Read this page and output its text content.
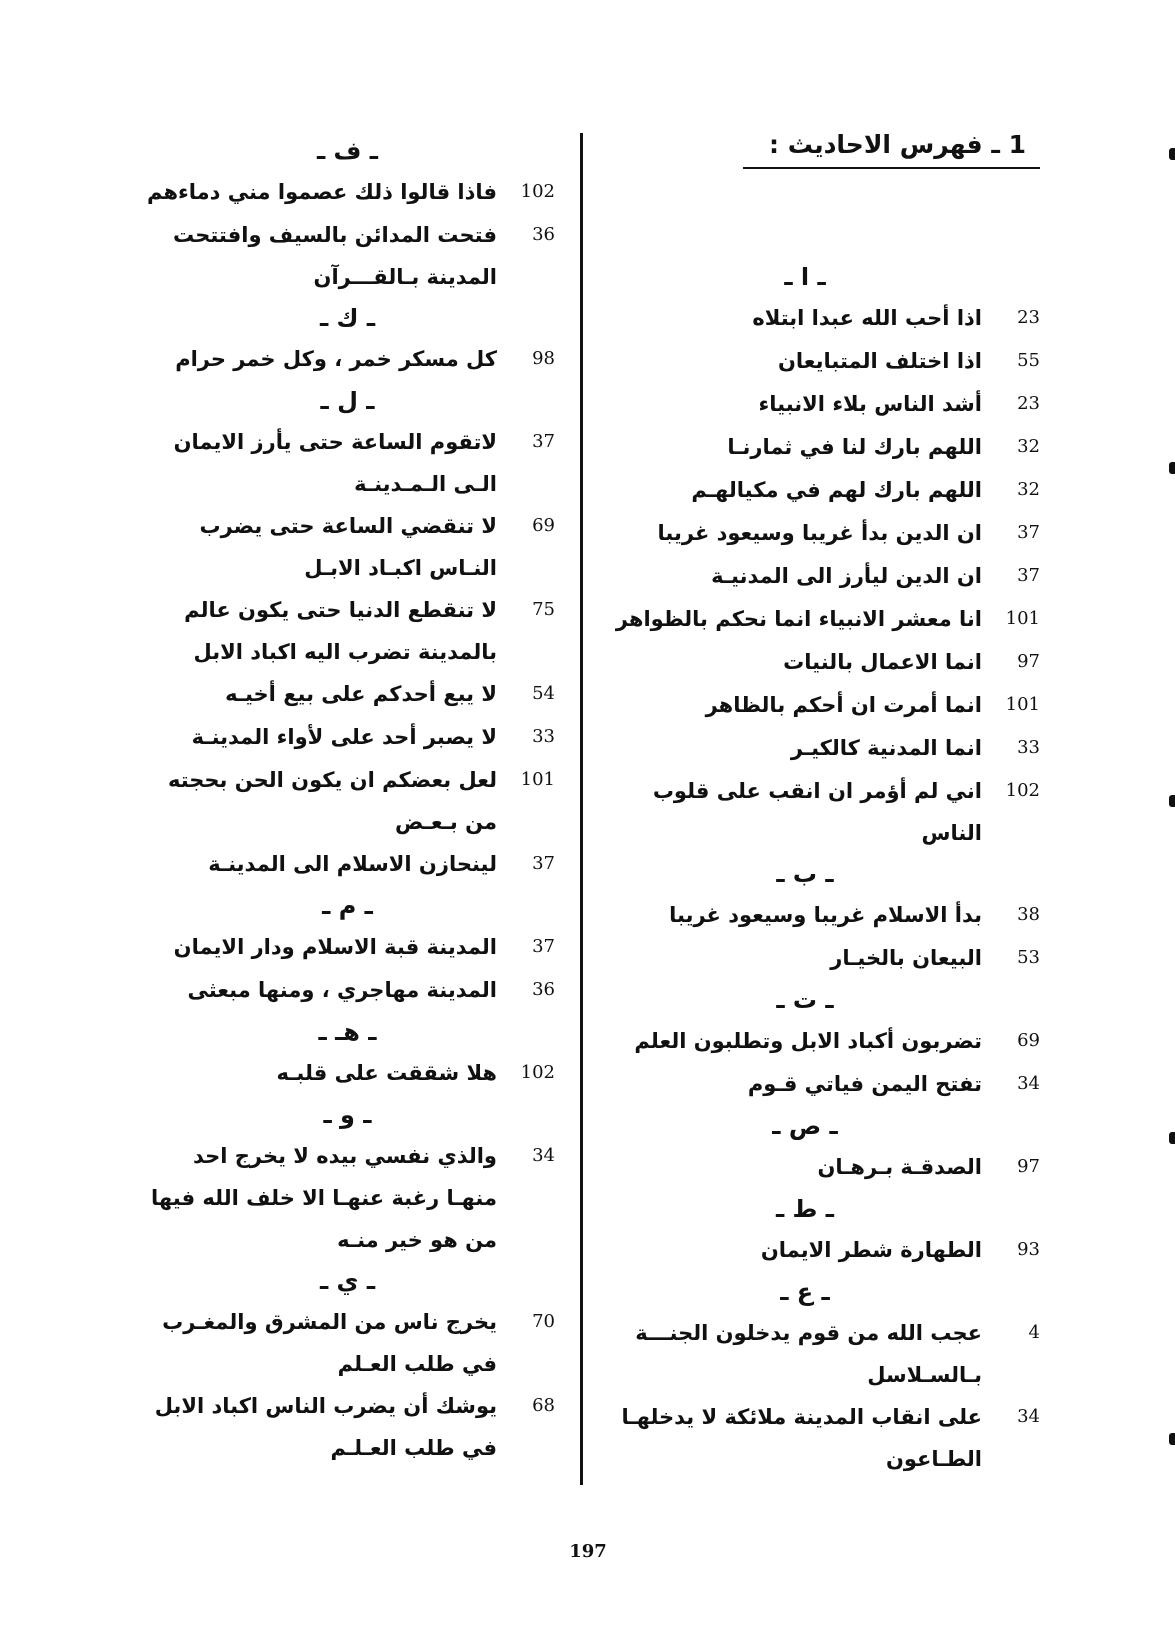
1 ـ فهرس الاحاديث :
ـ ا ـ
23
اذا أحب الله عبدا ابتلاه
55
اذا اختلف المتبايعان
23
أشد الناس بلاء الانبياء
32
اللهم بارك لنا في ثمارنـا
32
اللهم بارك لهم في مكيالهـم
37
ان الدين بدأ غريبا وسيعود غريبا
37
ان الدين ليأرز الى المدنيـة
101
انا معشر الانبياء انما نحكم بالظواهر
97
انما الاعمال بالنيات
101
انما أمرت ان أحكم بالظاهر
33
انما المدنية كالكيـر
102
اني لم أؤمر ان انقب على قلوب الناس
ـ ب ـ
38
بدأ الاسلام غريبا وسيعود غريبا
53
البيعان بالخيـار
ـ ت ـ
69
تضربون أكباد الابل وتطلبون العلم
34
تفتح اليمن فياتي قـوم
ـ ص ـ
97
الصدقـة بـرهـان
ـ ط ـ
93
الطهارة شطر الايمان
ـ ع ـ
4
عجب الله من قوم يدخلون الجنـــة بـالسـلاسل
34
على انقاب المدينة ملائكة لا يدخلهـا الطـاعون
ـ ف ـ
102
فاذا قالوا ذلك عصموا مني دماءهم
36
فتحت المدائن بالسيف وافتتحت المدينة بـالقـــرآن
ـ ك ـ
98
كل مسكر خمر ، وكل خمر حرام
ـ ل ـ
37
لاتقوم الساعة حتى يأرز الايمان الـى الـمـدينـة
69
لا تنقضي الساعة حتى يضرب النـاس اكبـاد الابـل
75
لا تنقطع الدنيا حتى يكون عالم بالمدينة تضرب اليه اكباد الابل
54
لا يبع أحدكم على بيع أخيـه
33
لا يصبر أحد على لأواء المدينـة
101
لعل بعضكم ان يكون الحن بحجته من بـعـض
37
لينحازن الاسلام الى المدينـة
ـ م ـ
37
المدينة قبة الاسلام ودار الايمان
36
المدينة مهاجري ، ومنها مبعثى
ـ هـ ـ
102
هلا شققت على قلبـه
ـ و ـ
34
والذي نفسي بيده لا يخرج احد منهـا رغبة عنهـا الا خلف الله فيها من هو خير منـه
ـ ي ـ
70
يخرج ناس من المشرق والمغـرب في طلب العـلم
68
يوشك أن يضرب الناس اكباد الابل في طلب العـلـم
197
